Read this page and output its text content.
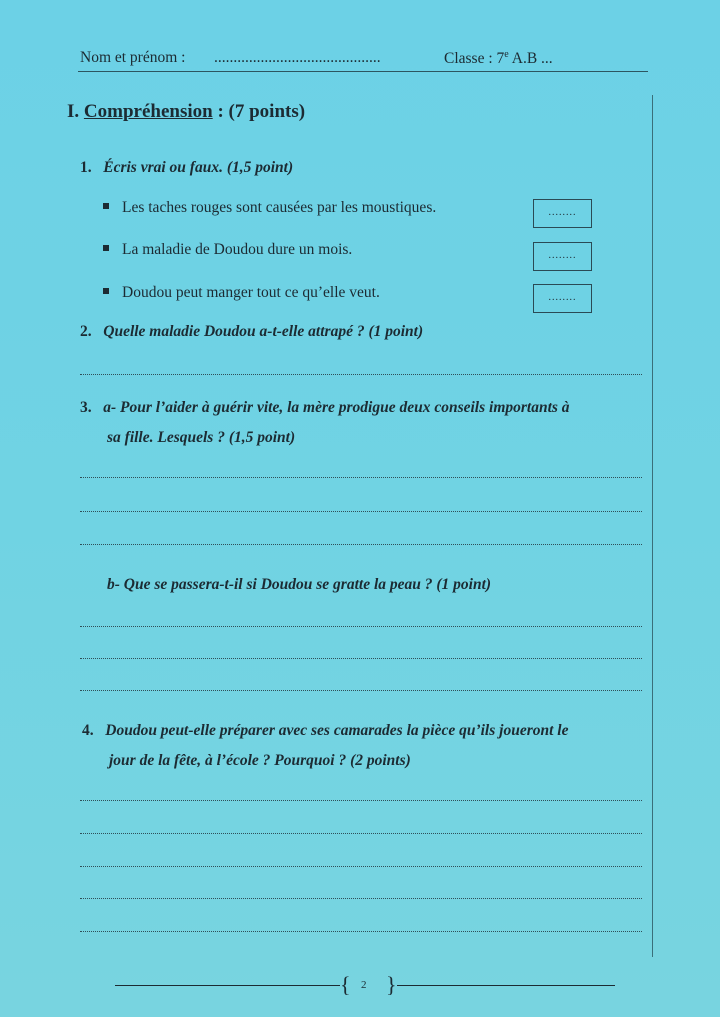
Nom et prénom : ...........................................	Classe : 7e A.B ...
I. Compréhension : (7 points)
1. Écris vrai ou faux. (1,5 point)
Les taches rouges sont causées par les moustiques.	........
La maladie de Doudou dure un mois.	........
Doudou peut manger tout ce qu’elle veut.	........
2. Quelle maladie Doudou a-t-elle attrapé ? (1 point)
3. a- Pour l’aider à guérir vite, la mère prodigue deux conseils importants à
sa fille. Lesquels ? (1,5 point)
b- Que se passera-t-il si Doudou se gratte la peau ? (1 point)
4. Doudou peut-elle préparer avec ses camarades la pièce qu’ils joueront le
jour de la fête, à l’école ? Pourquoi ? (2 points)
{ 2 }
